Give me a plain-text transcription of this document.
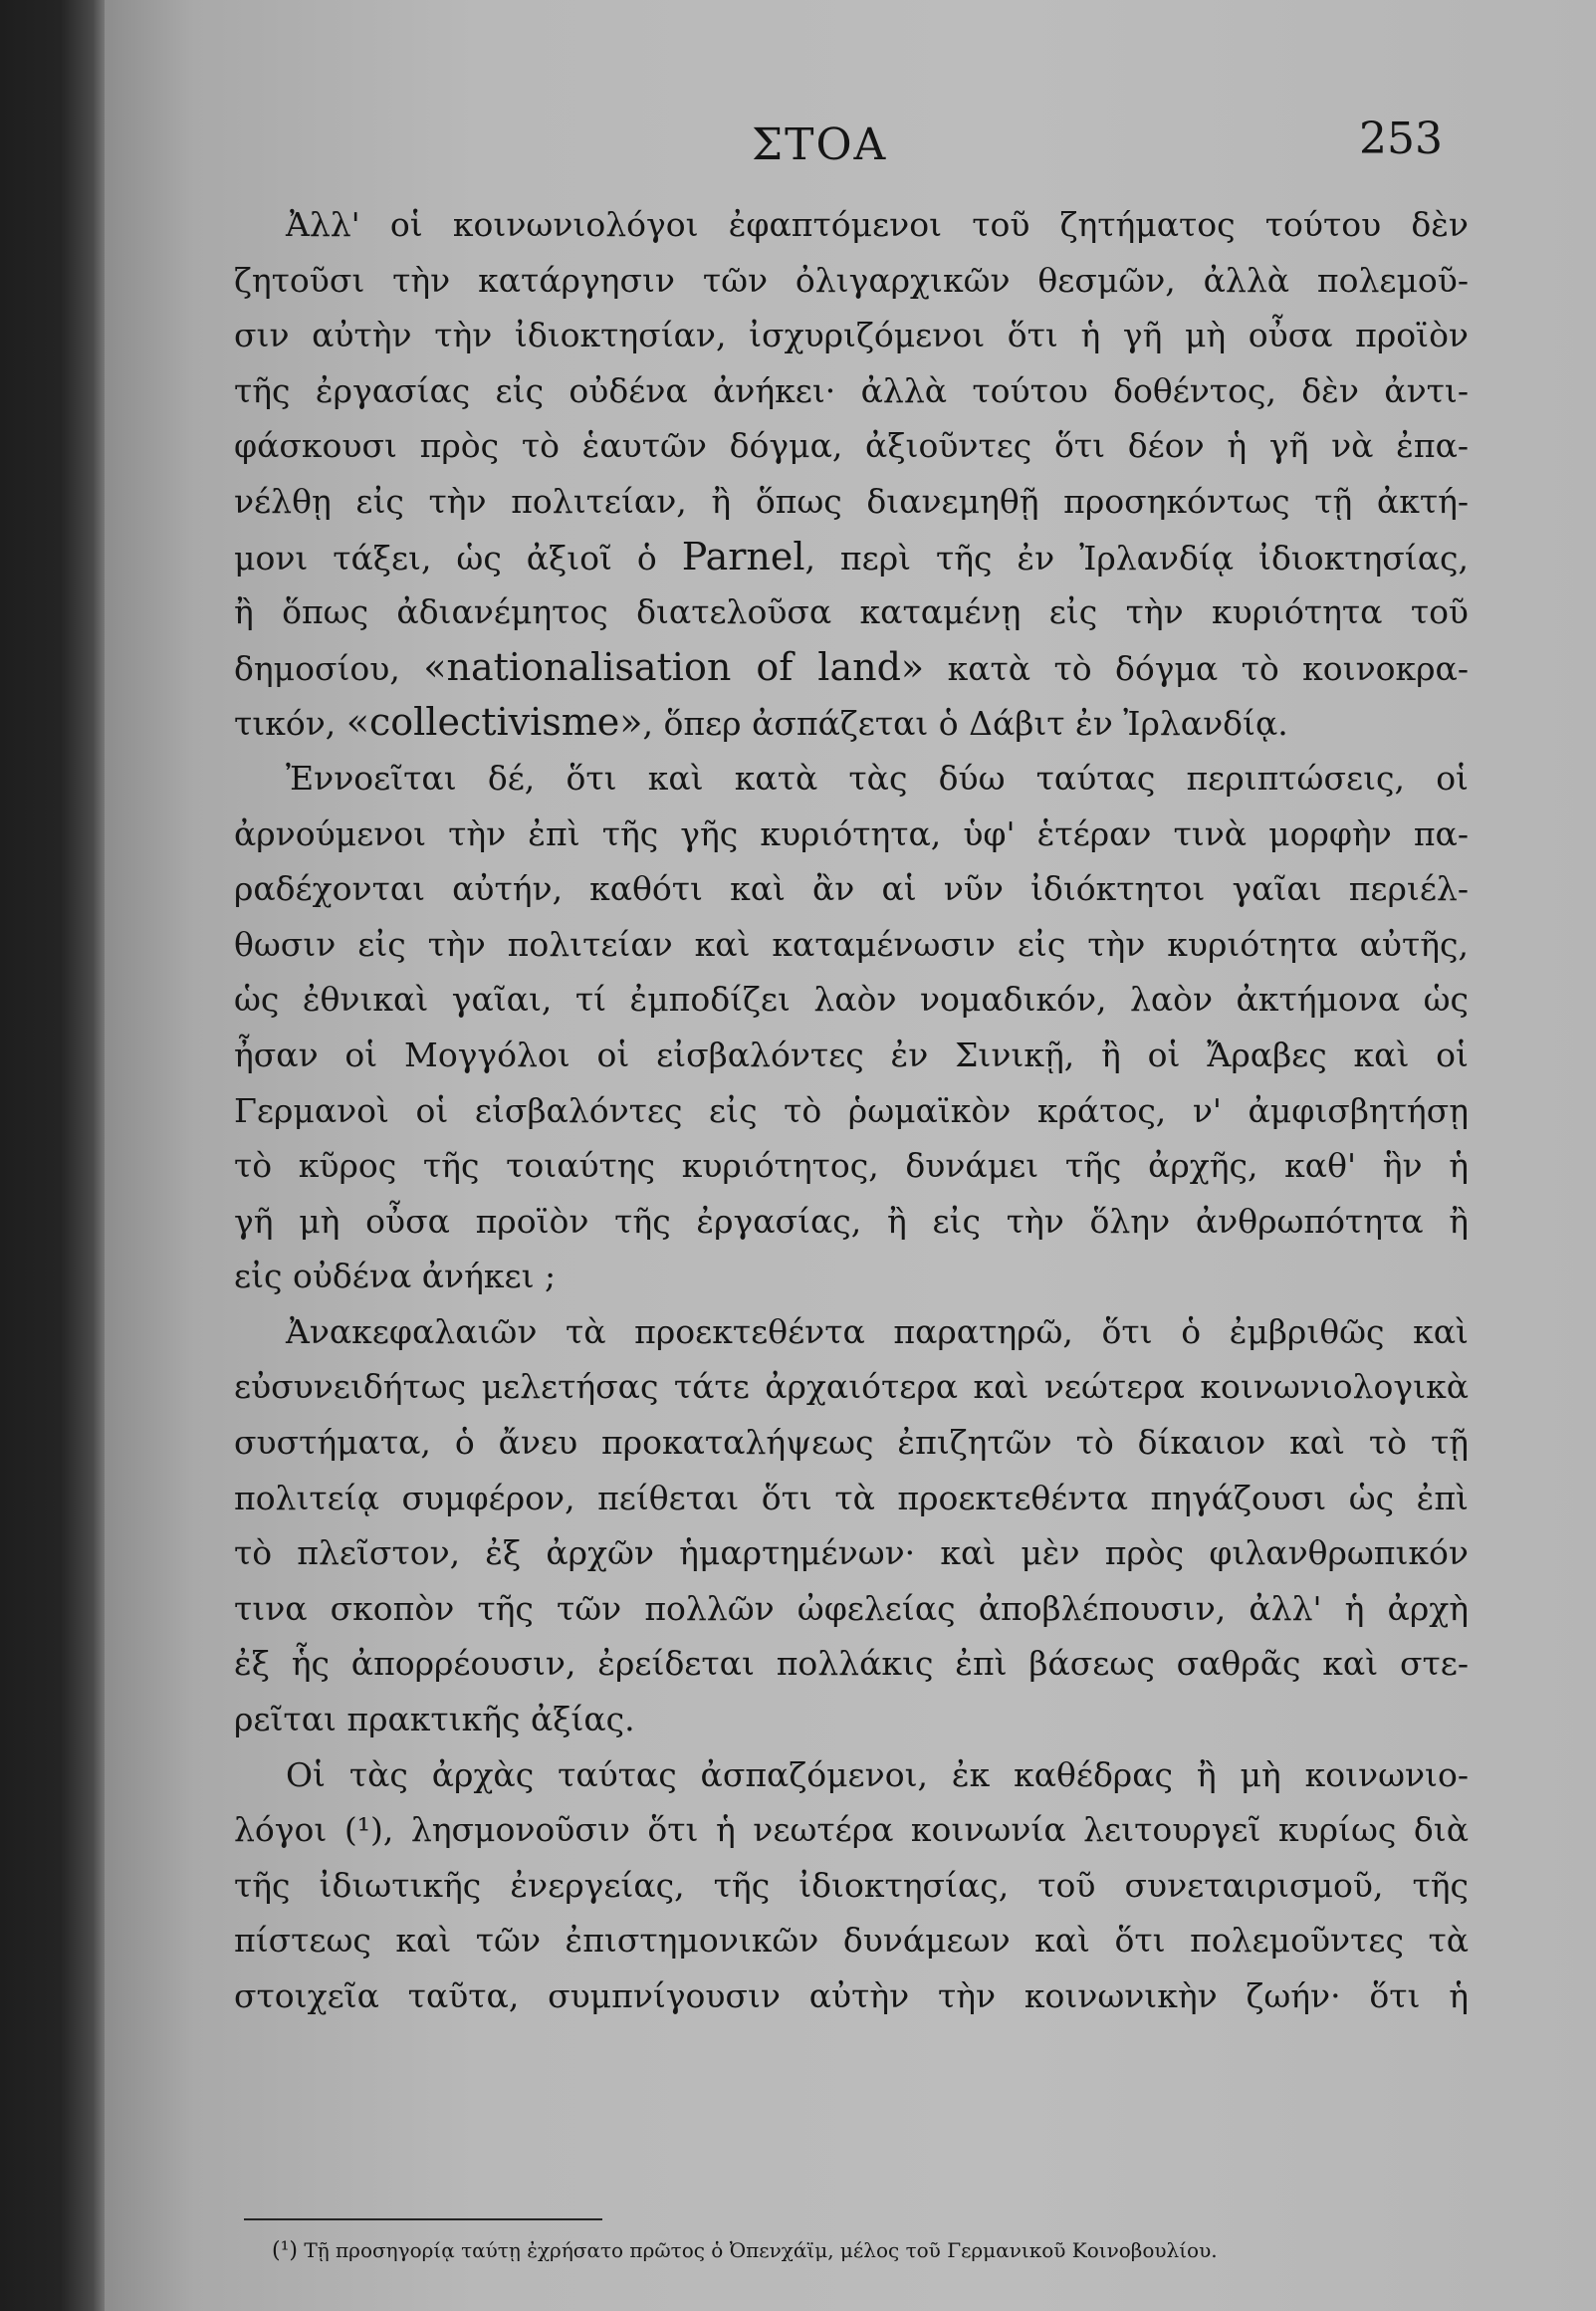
ΣΤΟΑ	253
Ἀλλ' οἱ κοινωνιολόγοι ἐφαπτόμενοι τοῦ ζητήματος τούτου δὲν
ζητοῦσι τὴν κατάργησιν τῶν ὀλιγαρχικῶν θεσμῶν, ἀλλὰ πολεμοῦ-
σιν αὐτὴν τὴν ἰδιοκτησίαν, ἰσχυριζόμενοι ὅτι ἡ γῆ μὴ οὖσα προϊὸν
τῆς ἐργασίας εἰς οὐδένα ἀνήκει· ἀλλὰ τούτου δοθέντος, δὲν ἀντι-
φάσκουσι πρὸς τὸ ἑαυτῶν δόγμα, ἀξιοῦντες ὅτι δέον ἡ γῆ νὰ ἐπα-
νέλθῃ εἰς τὴν πολιτείαν, ἢ ὅπως διανεμηθῇ προσηκόντως τῇ ἀκτή-
μονι τάξει, ὡς ἀξιοῖ ὁ Parnel, περὶ τῆς ἐν Ἰρλανδίᾳ ἰδιοκτησίας,
ἢ ὅπως ἀδιανέμητος διατελοῦσα καταμένῃ εἰς τὴν κυριότητα τοῦ
δημοσίου, «nationalisation of land» κατὰ τὸ δόγμα τὸ κοινοκρα-
τικόν, «collectivisme», ὅπερ ἀσπάζεται ὁ Δάβιτ ἐν Ἰρλανδίᾳ.
Ἐννοεῖται δέ, ὅτι καὶ κατὰ τὰς δύω ταύτας περιπτώσεις, οἱ
ἀρνούμενοι τὴν ἐπὶ τῆς γῆς κυριότητα, ὑφ' ἑτέραν τινὰ μορφὴν πα-
ραδέχονται αὐτήν, καθότι καὶ ἂν αἱ νῦν ἰδιόκτητοι γαῖαι περιέλ-
θωσιν εἰς τὴν πολιτείαν καὶ καταμένωσιν εἰς τὴν κυριότητα αὐτῆς,
ὡς ἐθνικαὶ γαῖαι, τί ἐμποδίζει λαὸν νομαδικόν, λαὸν ἀκτήμονα ὡς
ἦσαν οἱ Μογγόλοι οἱ εἰσβαλόντες ἐν Σινικῇ, ἢ οἱ Ἄραβες καὶ οἱ
Γερμανοὶ οἱ εἰσβαλόντες εἰς τὸ ῥωμαϊκὸν κράτος, ν' ἀμφισβητήσῃ
τὸ κῦρος τῆς τοιαύτης κυριότητος, δυνάμει τῆς ἀρχῆς, καθ' ἣν ἡ
γῆ μὴ οὖσα προϊὸν τῆς ἐργασίας, ἢ εἰς τὴν ὅλην ἀνθρωπότητα ἢ
εἰς οὐδένα ἀνήκει ;
Ἀνακεφαλαιῶν τὰ προεκτεθέντα παρατηρῶ, ὅτι ὁ ἐμβριθῶς καὶ
εὐσυνειδήτως μελετήσας τάτε ἀρχαιότερα καὶ νεώτερα κοινωνιολογικὰ
συστήματα, ὁ ἄνευ προκαταλήψεως ἐπιζητῶν τὸ δίκαιον καὶ τὸ τῇ
πολιτείᾳ συμφέρον, πείθεται ὅτι τὰ προεκτεθέντα πηγάζουσι ὡς ἐπὶ
τὸ πλεῖστον, ἐξ ἀρχῶν ἡμαρτημένων· καὶ μὲν πρὸς φιλανθρωπικόν
τινα σκοπὸν τῆς τῶν πολλῶν ὠφελείας ἀποβλέπουσιν, ἀλλ' ἡ ἀρχὴ
ἐξ ἧς ἀπορρέουσιν, ἐρείδεται πολλάκις ἐπὶ βάσεως σαθρᾶς καὶ στε-
ρεῖται πρακτικῆς ἀξίας.
Οἱ τὰς ἀρχὰς ταύτας ἀσπαζόμενοι, ἐκ καθέδρας ἢ μὴ κοινωνιο-
λόγοι (¹), λησμονοῦσιν ὅτι ἡ νεωτέρα κοινωνία λειτουργεῖ κυρίως διὰ
τῆς ἰδιωτικῆς ἐνεργείας, τῆς ἰδιοκτησίας, τοῦ συνεταιρισμοῦ, τῆς
πίστεως καὶ τῶν ἐπιστημονικῶν δυνάμεων καὶ ὅτι πολεμοῦντες τὰ
στοιχεῖα ταῦτα, συμπνίγουσιν αὐτὴν τὴν κοινωνικὴν ζωήν· ὅτι ἡ
(¹) Τῇ προσηγορίᾳ ταύτῃ ἐχρήσατο πρῶτος ὁ Ὀπενχάϊμ, μέλος τοῦ Γερμανικοῦ Κοινοβουλίου.
